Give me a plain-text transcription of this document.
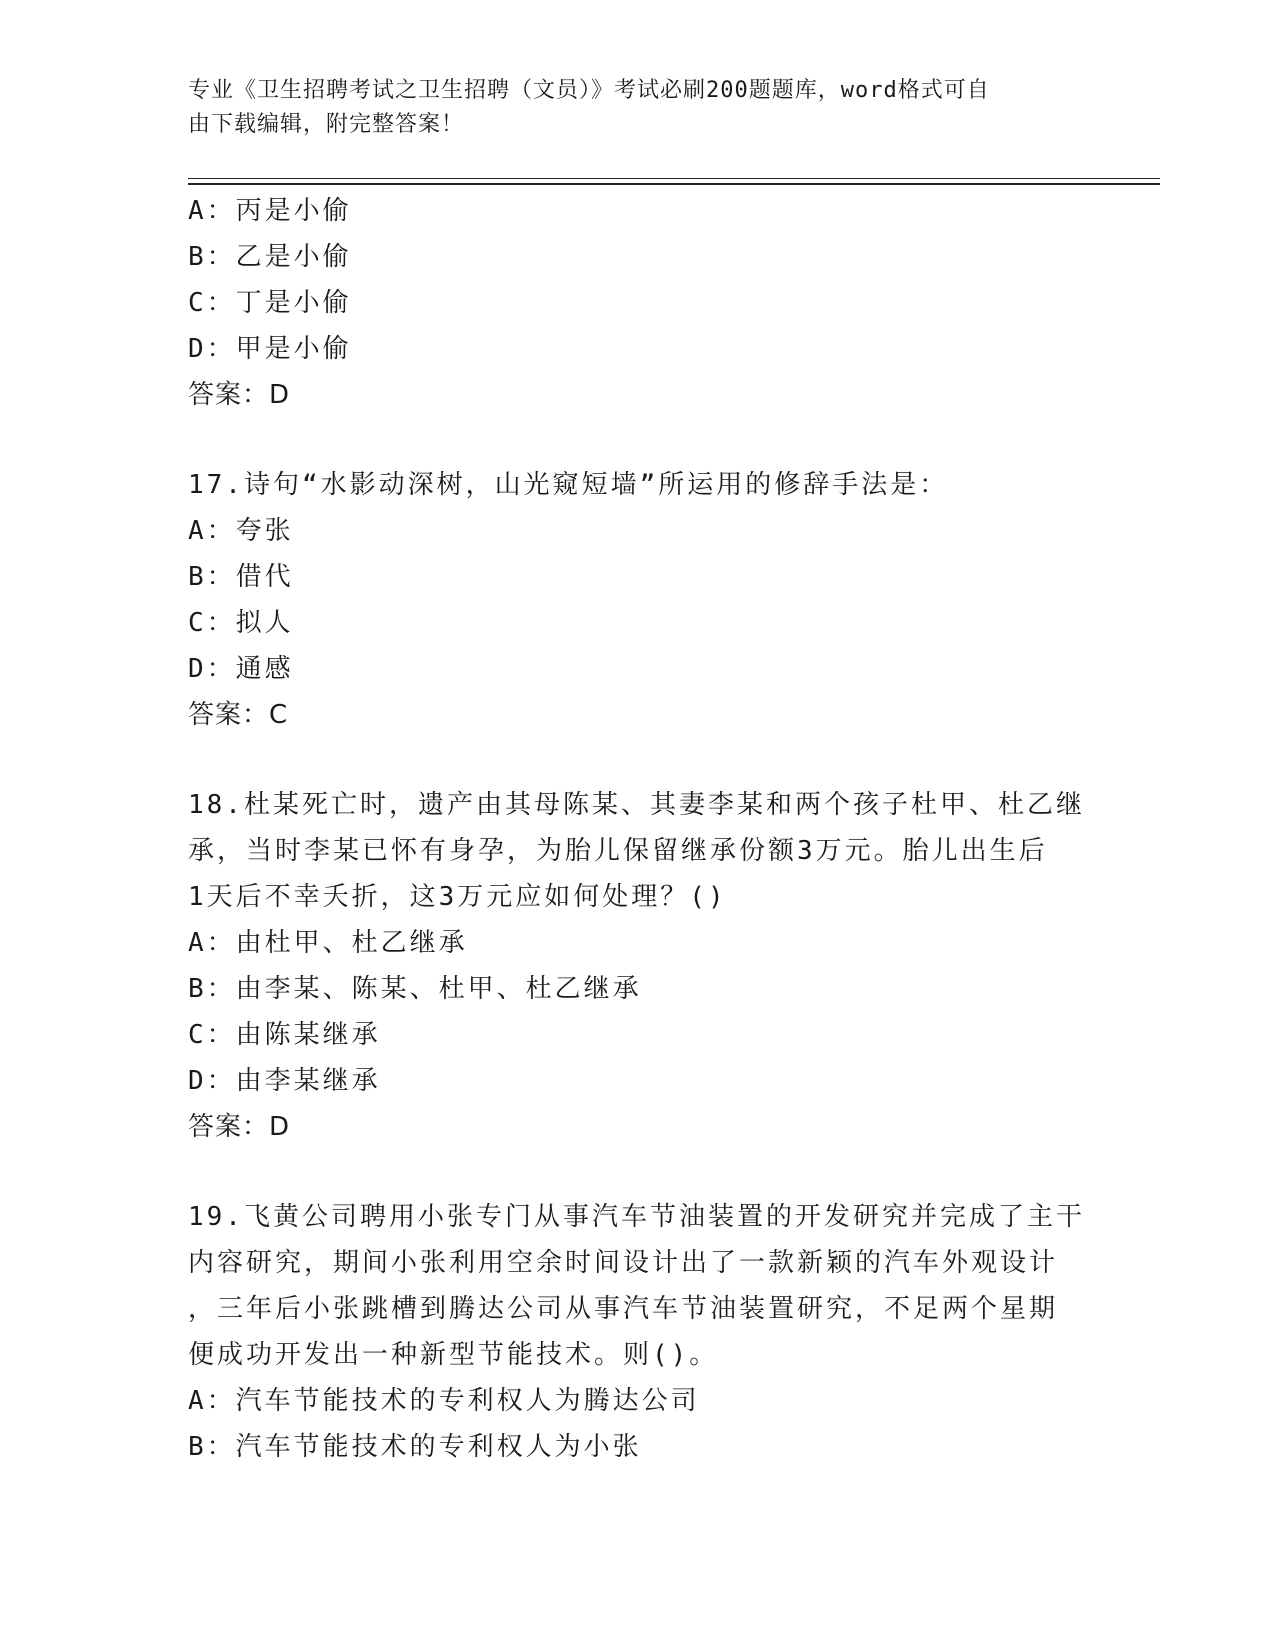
专业《卫生招聘考试之卫生招聘（文员）》考试必刷200题题库，word格式可自
由下载编辑，附完整答案！
A：丙是小偷
B：乙是小偷
C：丁是小偷
D：甲是小偷
答案：D
17.诗句“水影动深树，山光窥短墙”所运用的修辞手法是：
A：夸张
B：借代
C：拟人
D：通感
答案：C
18.杜某死亡时，遗产由其母陈某、其妻李某和两个孩子杜甲、杜乙继
承，当时李某已怀有身孕，为胎儿保留继承份额3万元。胎儿出生后
1天后不幸夭折，这3万元应如何处理？()
A：由杜甲、杜乙继承
B：由李某、陈某、杜甲、杜乙继承
C：由陈某继承
D：由李某继承
答案：D
19.飞黄公司聘用小张专门从事汽车节油装置的开发研究并完成了主干
内容研究，期间小张利用空余时间设计出了一款新颖的汽车外观设计
，三年后小张跳槽到腾达公司从事汽车节油装置研究，不足两个星期
便成功开发出一种新型节能技术。则()。
A：汽车节能技术的专利权人为腾达公司
B：汽车节能技术的专利权人为小张
